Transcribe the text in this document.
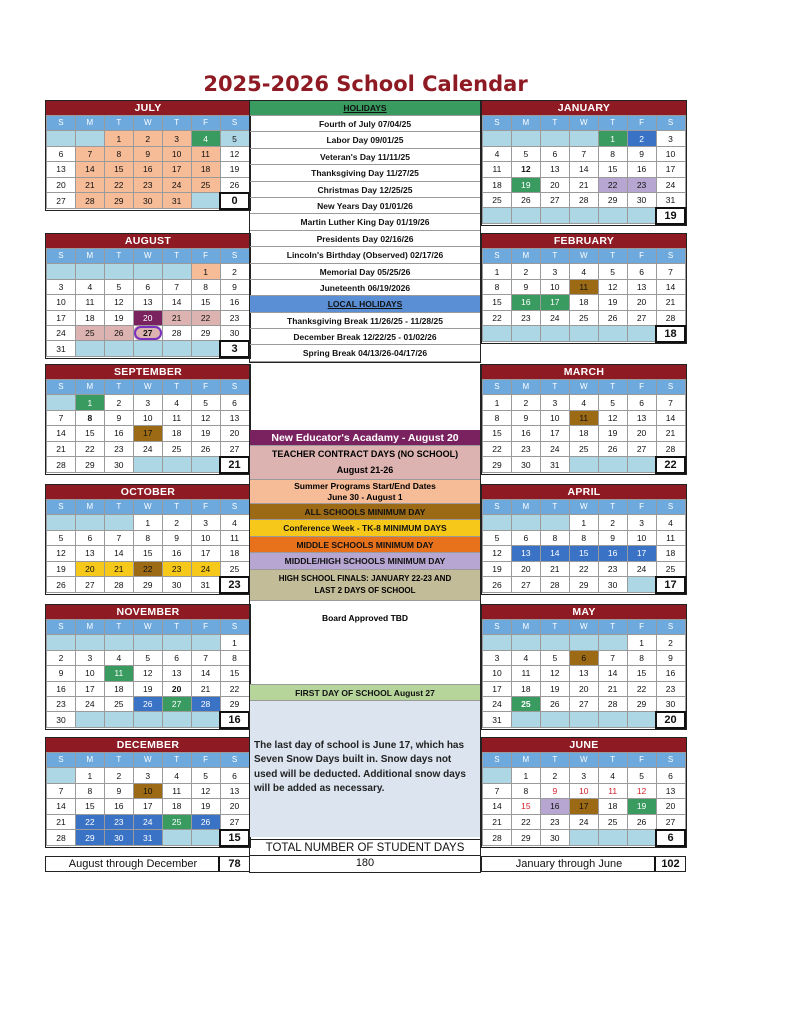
2025-2026 School Calendar
JULY
S	M	T	W	T	F	S
		1	2	3	4	5
6	7	8	9	10	11	12
13	14	15	16	17	18	19
20	21	22	23	24	25	26
27	28	29	30	31		0
AUGUST
S	M	T	W	T	F	S
					1	2
3	4	5	6	7	8	9
10	11	12	13	14	15	16
17	18	19	20	21	22	23
24	25	26	27	28	29	30
31						3
SEPTEMBER
S	M	T	W	T	F	S
	1	2	3	4	5	6
7	8	9	10	11	12	13
14	15	16	17	18	19	20
21	22	23	24	25	26	27
28	29	30				21
OCTOBER
S	M	T	W	T	F	S
			1	2	3	4
5	6	7	8	9	10	11
12	13	14	15	16	17	18
19	20	21	22	23	24	25
26	27	28	29	30	31	23
NOVEMBER
S	M	T	W	T	F	S
						1
2	3	4	5	6	7	8
9	10	11	12	13	14	15
16	17	18	19	20	21	22
23	24	25	26	27	28	29
30						16
DECEMBER
S	M	T	W	T	F	S
	1	2	3	4	5	6
7	8	9	10	11	12	13
14	15	16	17	18	19	20
21	22	23	24	25	26	27
28	29	30	31			15
JANUARY
S	M	T	W	T	F	S
				1	2	3
4	5	6	7	8	9	10
11	12	13	14	15	16	17
18	19	20	21	22	23	24
25	26	27	28	29	30	31
						19
FEBRUARY
S	M	T	W	T	F	S
1	2	3	4	5	6	7
8	9	10	11	12	13	14
15	16	17	18	19	20	21
22	23	24	25	26	27	28
						18
MARCH
S	M	T	W	T	F	S
1	2	3	4	5	6	7
8	9	10	11	12	13	14
15	16	17	18	19	20	21
22	23	24	25	26	27	28
29	30	31				22
APRIL
S	M	T	W	T	F	S
			1	2	3	4
5	6	8	8	9	10	11
12	13	14	15	16	17	18
19	20	21	22	23	24	25
26	27	28	29	30		17
MAY
S	M	T	W	T	F	S
					1	2
3	4	5	6	7	8	9
10	11	12	13	14	15	16
17	18	19	20	21	22	23
24	25	26	27	28	29	30
31						20
JUNE
S	M	T	W	T	F	S
	1	2	3	4	5	6
7	8	9	10	11	12	13
14	15	16	17	18	19	20
21	22	23	24	25	26	27
28	29	30				6
HOLIDAYS
Fourth of July 07/04/25
Labor Day 09/01/25
Veteran's Day 11/11/25
Thanksgiving Day 11/27/25
Christmas Day 12/25/25
New Years Day 01/01/26
Martin Luther King Day 01/19/26
Presidents Day 02/16/26
Lincoln's Birthday (Observed) 02/17/26
Memorial Day 05/25/26
Juneteenth 06/19/2026
LOCAL HOLIDAYS
Thanksgiving Break 11/26/25 - 11/28/25
December Break 12/22/25 - 01/02/26
Spring Break 04/13/26-04/17/26
New Educator's Acadamy - August 20
TEACHER CONTRACT DAYS (NO SCHOOL)
August 21-26
Summer Programs Start/End Dates
June 30 - August 1
ALL SCHOOLS MINIMUM DAY
Conference Week - TK-8 MINIMUM DAYS
MIDDLE SCHOOLS MINIMUM DAY
MIDDLE/HIGH SCHOOLS MINIMUM DAY
HIGH SCHOOL FINALS: JANUARY 22-23 AND
LAST 2 DAYS OF SCHOOL
Board Approved TBD
FIRST DAY OF SCHOOL August 27
The last day of school is June 17, which has Seven Snow Days built in. Snow days not used will be deducted. Additional snow days will be added as necessary.
August through December	78
TOTAL NUMBER OF STUDENT DAYS
180	January through June	102
